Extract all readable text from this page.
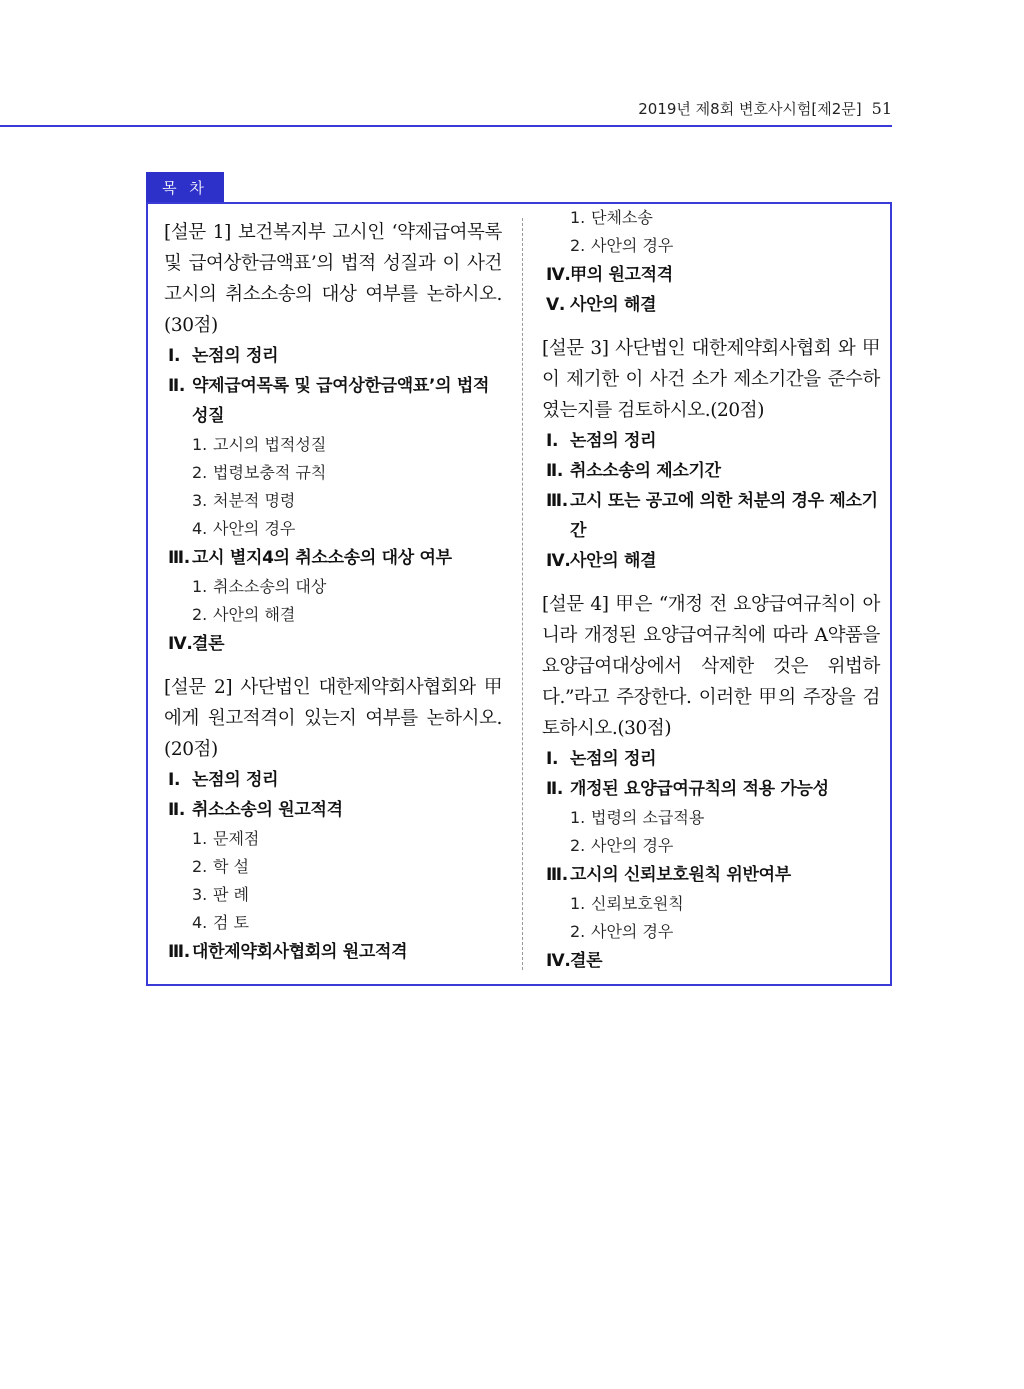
2019년 제8회 변호사시험[제2문] 51
목 차
[설문 1] 보건복지부 고시인 ‘약제급여목록 및 급여상한금액표’의 법적 성질과 이 사건 고시의 취소소송의 대상 여부를 논하시오.(30점)
Ⅰ. 논점의 정리
Ⅱ. 약제급여목록 및 급여상한금액표’의 법적 성질
1. 고시의 법적성질
2. 법령보충적 규칙
3. 처분적 명령
4. 사안의 경우
Ⅲ. 고시 별지4의 취소소송의 대상 여부
1. 취소소송의 대상
2. 사안의 해결
Ⅳ. 결론
[설문 2] 사단법인 대한제약회사협회와 甲에게 원고적격이 있는지 여부를 논하시오.(20점)
Ⅰ. 논점의 정리
Ⅱ. 취소소송의 원고적격
1. 문제점
2. 학 설
3. 판 례
4. 검 토
Ⅲ. 대한제약회사협회의 원고적격
1. 단체소송
2. 사안의 경우
Ⅳ. 甲의 원고적격
Ⅴ. 사안의 해결
[설문 3] 사단법인 대한제약회사협회 와 甲이 제기한 이 사건 소가 제소기간을 준수하였는지를 검토하시오.(20점)
Ⅰ. 논점의 정리
Ⅱ. 취소소송의 제소기간
Ⅲ. 고시 또는 공고에 의한 처분의 경우 제소기간
Ⅳ. 사안의 해결
[설문 4] 甲은 “개정 전 요양급여규칙이 아니라 개정된 요양급여규칙에 따라 A약품을 요양급여대상에서 삭제한 것은 위법하다.”라고 주장한다. 이러한 甲의 주장을 검토하시오.(30점)
Ⅰ. 논점의 정리
Ⅱ. 개정된 요양급여규칙의 적용 가능성
1. 법령의 소급적용
2. 사안의 경우
Ⅲ. 고시의 신뢰보호원칙 위반여부
1. 신뢰보호원칙
2. 사안의 경우
Ⅳ. 결론
